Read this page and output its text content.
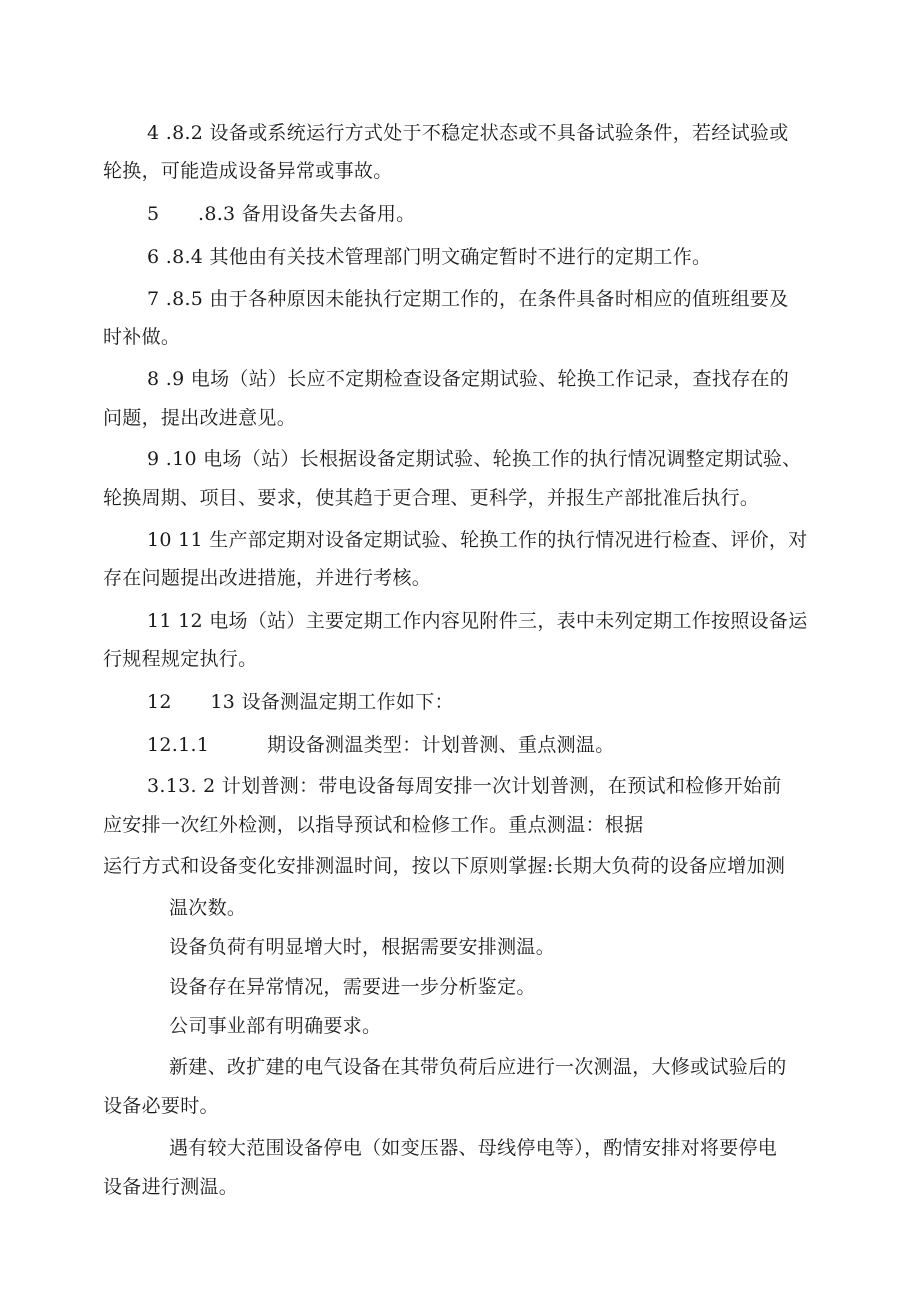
4 .8.2 设备或系统运行方式处于不稳定状态或不具备试验条件，若经试验或
轮换，可能造成设备异常或事故。
5　　.8.3 备用设备失去备用。
6 .8.4 其他由有关技术管理部门明文确定暂时不进行的定期工作。
7 .8.5 由于各种原因未能执行定期工作的，在条件具备时相应的值班组要及
时补做。
8 .9 电场（站）长应不定期检查设备定期试验、轮换工作记录，查找存在的
问题，提出改进意见。
9 .10 电场（站）长根据设备定期试验、轮换工作的执行情况调整定期试验、
轮换周期、项目、要求，使其趋于更合理、更科学，并报生产部批准后执行。
10 11 生产部定期对设备定期试验、轮换工作的执行情况进行检查、评价，对
存在问题提出改进措施，并进行考核。
11 12 电场（站）主要定期工作内容见附件三，表中未列定期工作按照设备运
行规程规定执行。
12　　13 设备测温定期工作如下：
12.1.1　　　期设备测温类型：计划普测、重点测温。
3.13. 2 计划普测：带电设备每周安排一次计划普测，在预试和检修开始前
应安排一次红外检测，以指导预试和检修工作。重点测温：根据
运行方式和设备变化安排测温时间，按以下原则掌握:长期大负荷的设备应增加测
温次数。
设备负荷有明显增大时，根据需要安排测温。
设备存在异常情况，需要进一步分析鉴定。
公司事业部有明确要求。
新建、改扩建的电气设备在其带负荷后应进行一次测温，大修或试验后的
设备必要时。
遇有较大范围设备停电（如变压器、母线停电等），酌情安排对将要停电
设备进行测温。
